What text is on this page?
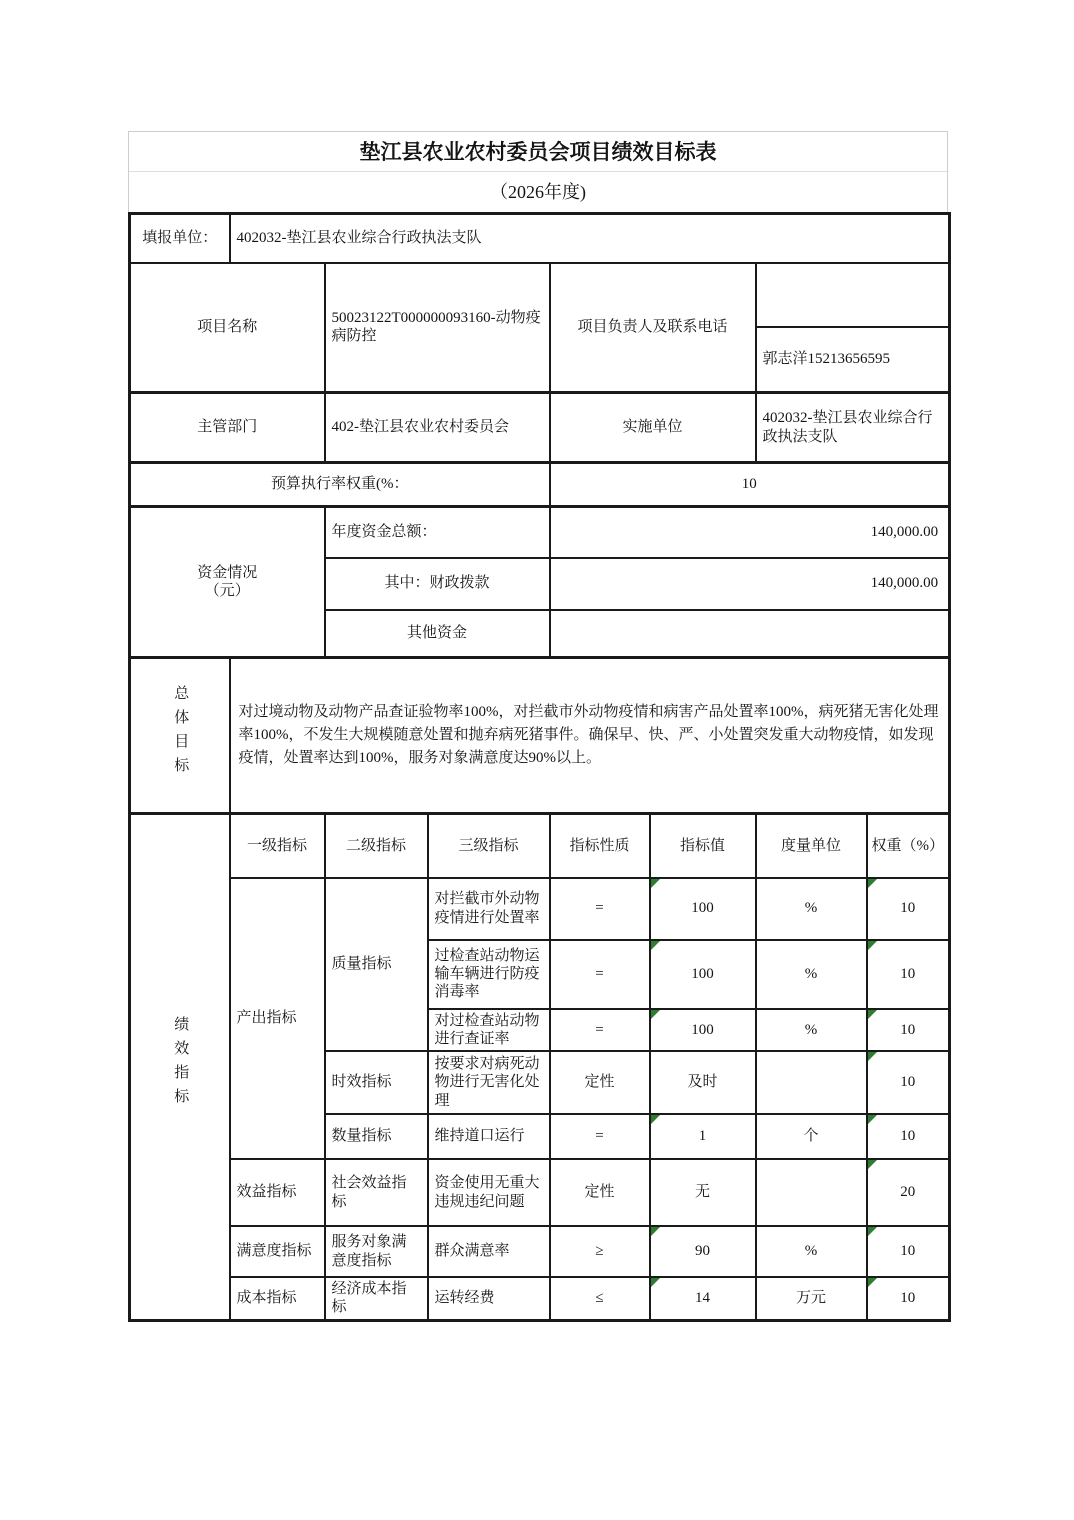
垫江县农业农村委员会项目绩效目标表
（2026年度)
填报单位：	402032-垫江县农业综合行政执法支队						
项目名称		50023122T000000093160-动物疫病防控		项目负责人及联系电话			
						郭志洋15213656595	
主管部门		402-垫江县农业农村委员会		实施单位		402032-垫江县农业综合行政执法支队	
预算执行率权重(%：				10			
资金情况
（元）		年度资金总额：		140,000.00			
		其中：财政拨款		140,000.00			
		其他资金					
总体目标	对过境动物及动物产品查证验物率100%，对拦截市外动物疫情和病害产品处置率100%，病死猪无害化处理率100%，不发生大规模随意处置和抛弃病死猪事件。确保早、快、严、小处置突发重大动物疫情，如发现疫情，处置率达到100%，服务对象满意度达90%以上。						
绩效指标	一级指标	二级指标	三级指标	指标性质	指标值	度量单位	权重（%）
	产出指标	质量指标	对拦截市外动物疫情进行处置率	=	100	%	10
			过检查站动物运输车辆进行防疫消毒率	=	100	%	10
			对过检查站动物进行查证率	=	100	%	10
		时效指标	按要求对病死动物进行无害化处理	定性	及时		10
		数量指标	维持道口运行	=	1	个	10
	效益指标	社会效益指标	资金使用无重大违规违纪问题	定性	无		20
	满意度指标	服务对象满意度指标	群众满意率	≥	90	%	10
	成本指标	经济成本指标	运转经费	≤	14	万元	10
